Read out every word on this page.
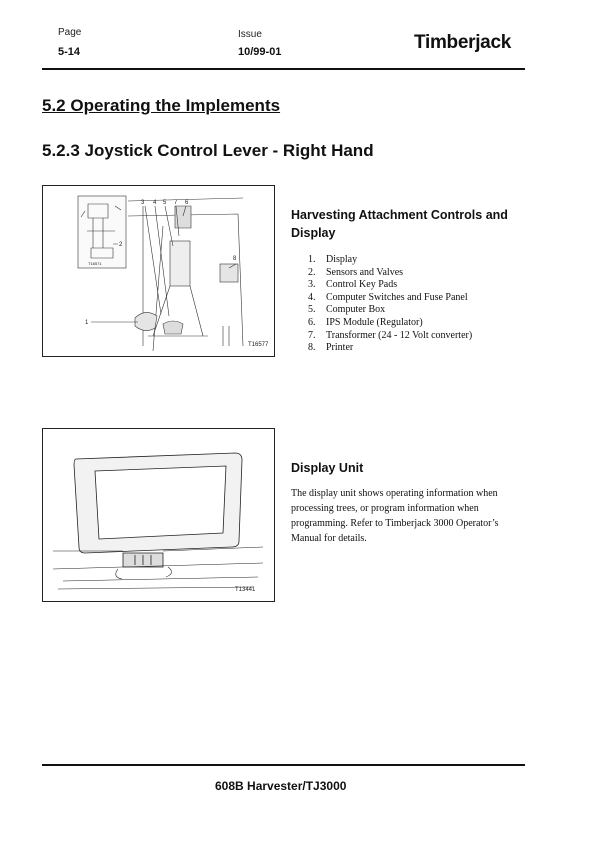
Page
5-14
Issue
10/99-01	Timberjack
5.2 Operating the Implements
5.2.3 Joystick Control Lever - Right Hand
3 4 5 7 6
8
1
2
T16571
T16577
Harvesting Attachment Controls and Display
1.	Display
2.	Sensors and Valves
3.	Control Key Pads
4.	Computer Switches and Fuse Panel
5.	Computer Box
6.	IPS Module (Regulator)
7.	Transformer (24 - 12 Volt converter)
8.	Printer
T13441
Display Unit
The display unit shows operating information when processing trees, or program information when programming. Refer to Timberjack 3000 Operator’s Manual for details.
608B Harvester/TJ3000
